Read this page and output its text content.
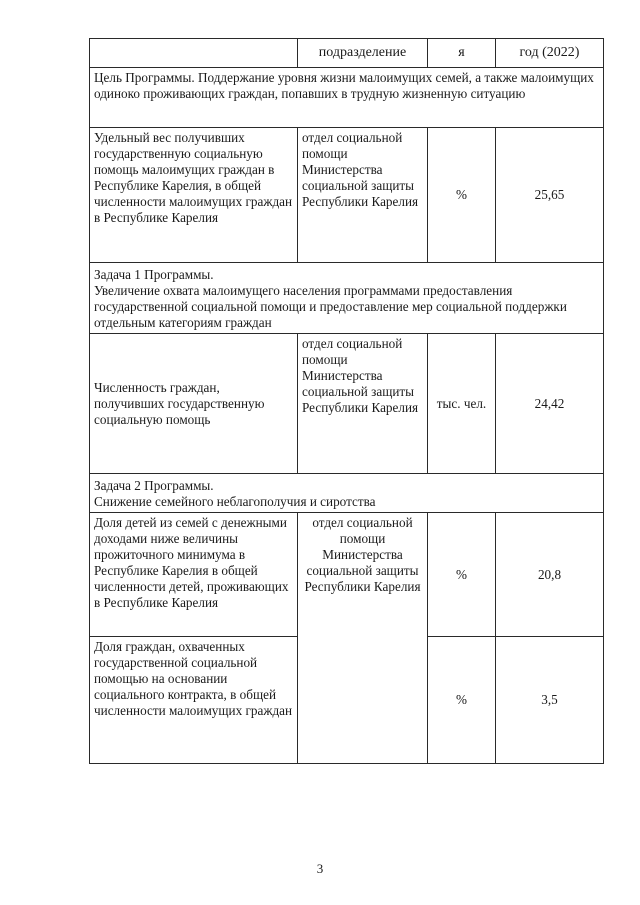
	подразделение	я	год (2022)
Цель Программы. Поддержание уровня жизни малоимущих семей, а также малоимущих одиноко проживающих граждан, попавших в трудную жизненную ситуацию			
Удельный вес получивших государственную социальную помощь малоимущих граждан в Республике Карелия, в общей численности малоимущих граждан в Республике Карелия	отдел социальной помощи Министерства социальной защиты Республики Карелия	%	25,65

Задача 1 Программы.
Увеличение охвата малоимущего населения программами предоставления государственной социальной помощи и предоставление мер социальной поддержки отдельным категориям граждан			

Численность граждан, получивших государственную социальную помощь	отдел социальной помощи Министерства социальной защиты Республики Карелия	тыс. чел.	24,42

Задача 2 Программы.
Снижение семейного неблагополучия и сиротства			

Доля детей из семей с денежными доходами ниже величины прожиточного минимума в Республике Карелия в общей численности детей, проживающих в Республике Карелия	отдел социальной помощи Министерства социальной защиты Республики Карелия	%	20,8
Доля граждан, охваченных государственной социальной помощью на основании социального контракта, в общей численности малоимущих граждан		%	3,5
3
